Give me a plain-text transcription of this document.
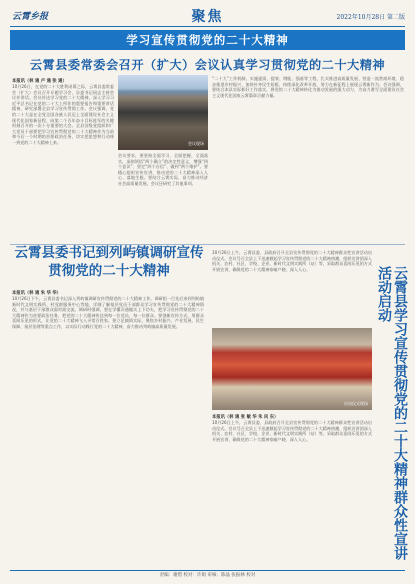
云霄乡报	聚焦	2022年10月28日 第二版
学习宣传贯彻党的二十大精神
云霄县委常委会召开（扩大）会议认真学习贯彻党的二十大精神
本报讯（林 通 卢 通 张 通）
10月26日，在党的二十大胜利闭幕之际，云霄县委常委会（扩大）会议召开专题学习会，县委书记同志主持会议并讲话。会议传达学习党的二十大精神，深入学习习近平总书记在党的二十大上所作的重要报告和重要讲话精神，研究部署全县学习宣传贯彻工作。会议强调，党的二十大是在全党全国各族人民迈上全面建设社会主义现代化国家新征程、向第二个百年奋斗目标进军的关键时刻召开的一次十分重要的大会。全县各级党组织和广大党员干部要把学习宣传贯彻党的二十大精神作为当前和今后一个时期的首要政治任务，切实把思想和行动统一到党的二十大精神上来。	会议现场
会议要求，要坚持全面学习、全面把握、全面落实，深刻领悟“两个确立”的决定性意义，增强“四个意识”、坚定“四个自信”、做到“两个维护”。要精心组织宣传宣讲，推动党的二十大精神深入人心、落地生根。要结合云霄实际，奋力推动经济社会高质量发展。会议还研究了其他事项。
“二十大”工作机制，实施提质、提效、增能、强基等工程，扎实推进高质量发展、营造一流营商环境、稳步推进乡村振兴、加快补齐民生短板、持续深化改革开放，努力在新征程上展现云霄新作为。会议强调，要结合本县实际抓好工作落实，将党的二十大精神转化为推动发展的强大动力，为奋力谱写全面建设社会主义现代化国家云霄篇章贡献力量。
云霄县委书记到列屿镇调研宣传贯彻党的二十大精神
本报讯（林 通 朱 华 华）
10月26日下午，云霄县委书记深入列屿镇调研宣传贯彻党的二十大精神工作。调研组一行先后来到列屿镇新时代文明实践所、村党群服务中心等地，详细了解基层党员干部群众学习宣传贯彻党的二十大精神情况，并与基层干部群众面对面交流。调研时强调，要在学懂弄通做实上下功夫，把学习宣传贯彻党的二十大精神作为首要政治任务，把党的二十大精神传达到每一位党员、每一位群众。要创新宣传方式，用群众喜闻乐见的形式，让党的二十大精神飞入寻常百姓家。要立足镇情实际，聚焦乡村振兴、产业发展、民生保障、基层治理等重点工作，以实际行动践行党的二十大精神，奋力推动列屿镇高质量发展。
10月26日上午，云霄县委、县政府召开全县宣传贯彻党的二十大精神群众性宣讲活动启动仪式。会议号召全县上下迅速掀起学习宣传贯彻党的二十大精神热潮，组织宣讲团深入机关、农村、社区、学校、企业、新时代文明实践所（站）等，采取群众喜闻乐见的方式开展宣讲，确保党的二十大精神家喻户晓、深入人心。
启动仪式现场
本报讯（林 通 张 敏 华 朱 向 东）
10月26日上午，云霄县委、县政府召开全县宣传贯彻党的二十大精神群众性宣讲活动启动仪式。会议号召全县上下迅速掀起学习宣传贯彻党的二十大精神热潮，组织宣讲团深入机关、农村、社区、学校、企业、新时代文明实践所（站）等，采取群众喜闻乐见的方式开展宣讲，确保党的二十大精神家喻户晓、深入人心。	云霄县学习宣传贯彻党的二十大精神群众性宣讲活动启动
责编：谢惜 校对：许娟 审核：陈晶 张振林 校对
